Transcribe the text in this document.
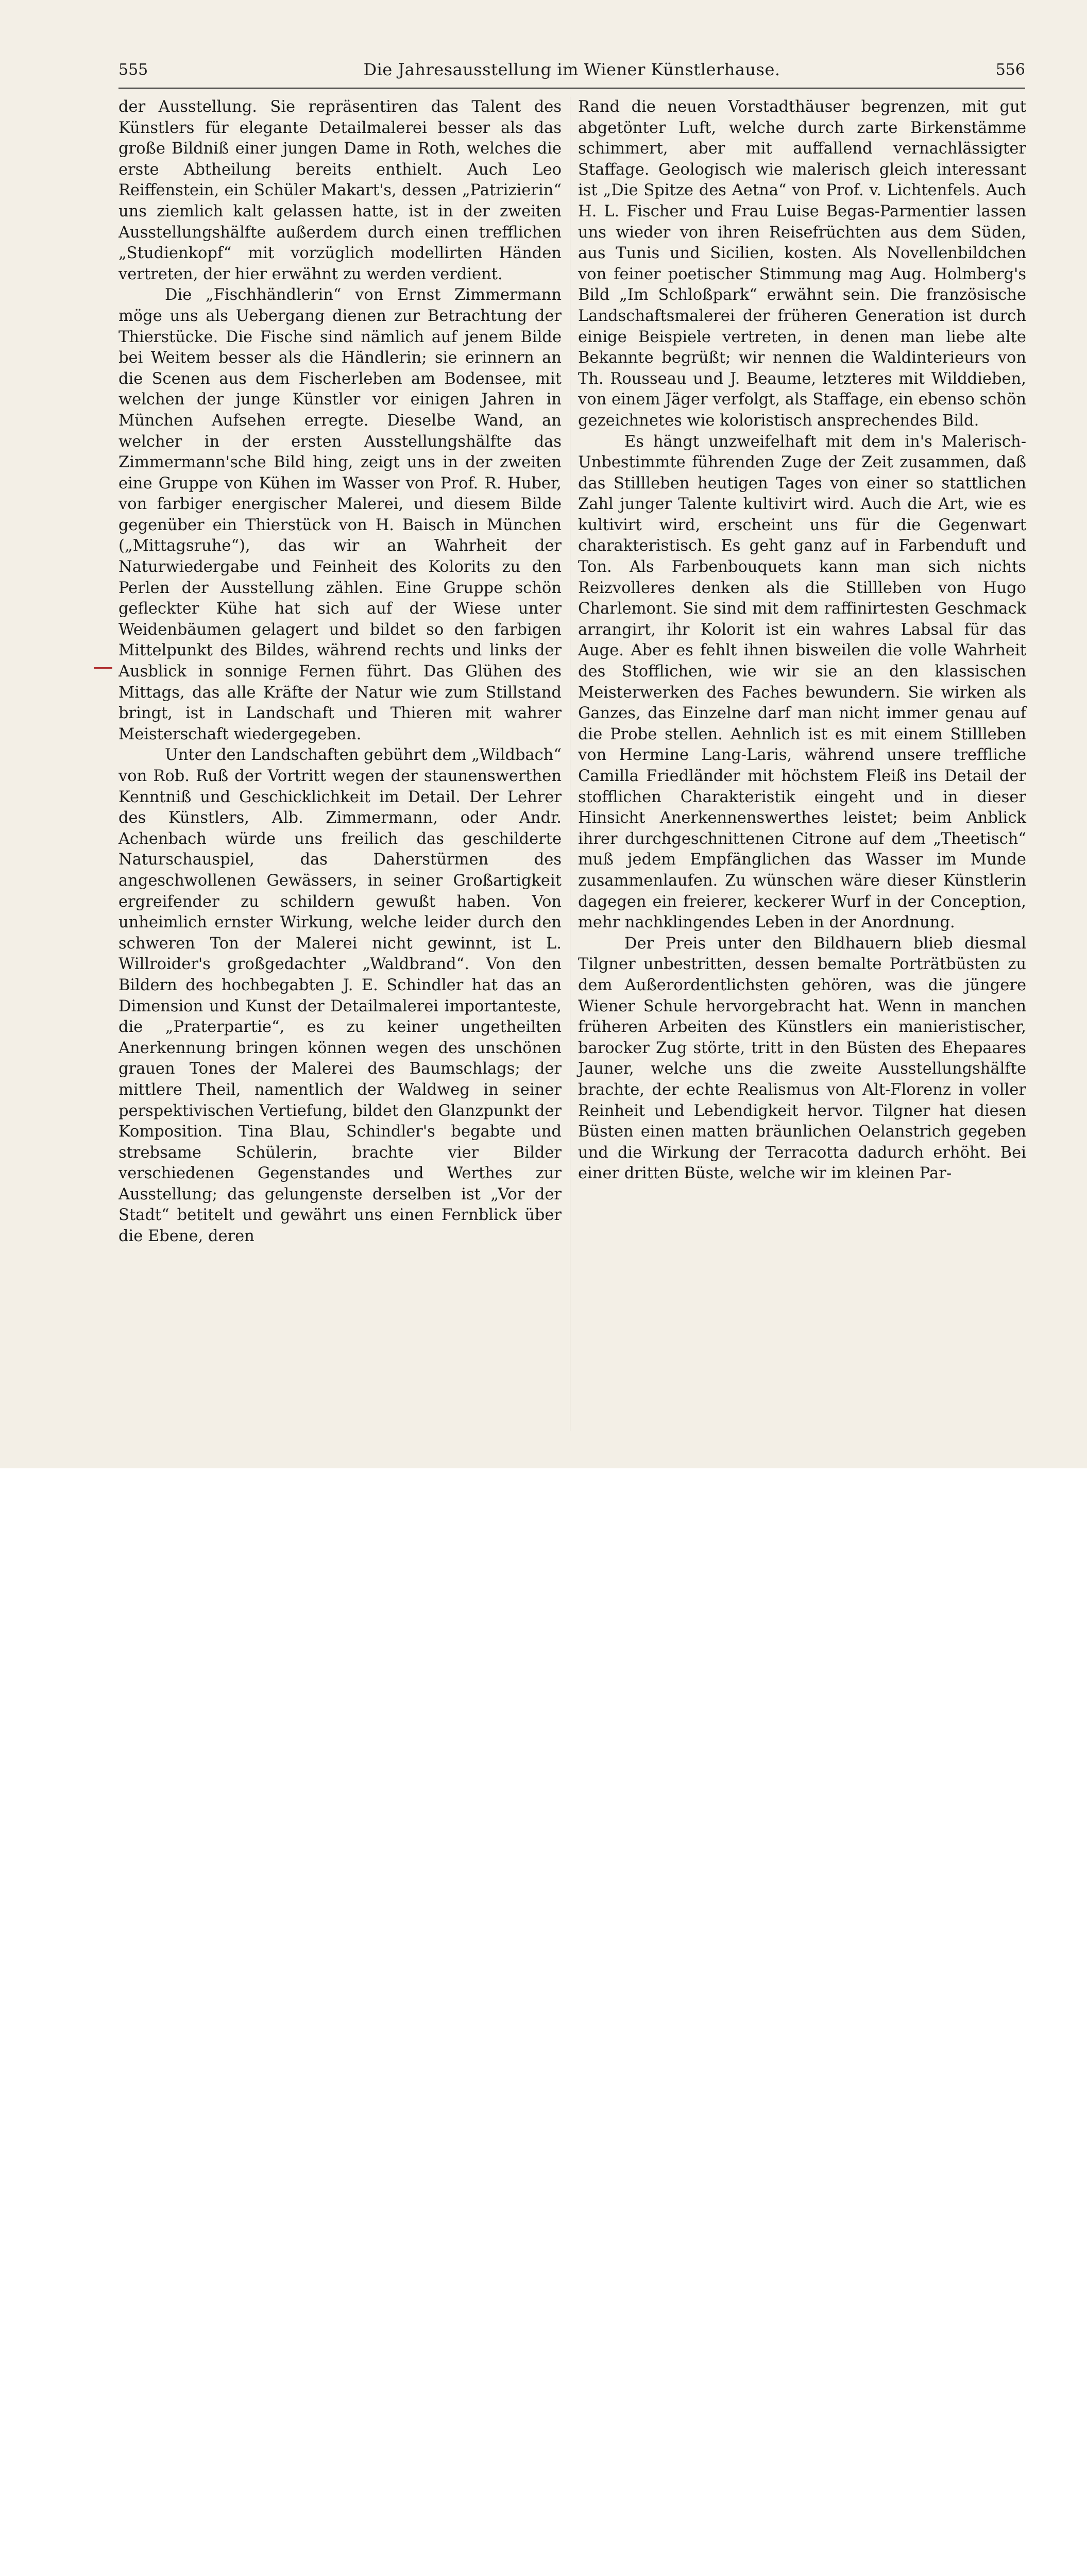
555	Die Jahresausstellung im Wiener Künstlerhause.	556

der Ausstellung. Sie repräsentiren das Talent des Künstlers für elegante Detailmalerei besser als das große Bildniß einer jungen Dame in Roth, welches die erste Abtheilung bereits enthielt. Auch Leo Reiffenstein, ein Schüler Makart's, dessen „Patrizierin“ uns ziemlich kalt gelassen hatte, ist in der zweiten Ausstellungshälfte außerdem durch einen trefflichen „Studienkopf“ mit vorzüglich modellirten Händen vertreten, der hier erwähnt zu werden verdient.

Die „Fischhändlerin“ von Ernst Zimmermann möge uns als Uebergang dienen zur Betrachtung der Thierstücke. Die Fische sind nämlich auf jenem Bilde bei Weitem besser als die Händlerin; sie erinnern an die Scenen aus dem Fischerleben am Bodensee, mit welchen der junge Künstler vor einigen Jahren in München Aufsehen erregte. Dieselbe Wand, an welcher in der ersten Ausstellungshälfte das Zimmermann'sche Bild hing, zeigt uns in der zweiten eine Gruppe von Kühen im Wasser von Prof. R. Huber, von farbiger energischer Malerei, und diesem Bilde gegenüber ein Thierstück von H. Baisch in München („Mittagsruhe“), das wir an Wahrheit der Naturwiedergabe und Feinheit des Kolorits zu den Perlen der Ausstellung zählen. Eine Gruppe schön gefleckter Kühe hat sich auf der Wiese unter Weidenbäumen gelagert und bildet so den farbigen Mittelpunkt des Bildes, während rechts und links der Ausblick in sonnige Fernen führt. Das Glühen des Mittags, das alle Kräfte der Natur wie zum Stillstand bringt, ist in Landschaft und Thieren mit wahrer Meisterschaft wiedergegeben.

Unter den Landschaften gebührt dem „Wildbach“ von Rob. Ruß der Vortritt wegen der staunenswerthen Kenntniß und Geschicklichkeit im Detail. Der Lehrer des Künstlers, Alb. Zimmermann, oder Andr. Achenbach würde uns freilich das geschilderte Naturschauspiel, das Daherstürmen des angeschwollenen Gewässers, in seiner Großartigkeit ergreifender zu schildern gewußt haben. Von unheimlich ernster Wirkung, welche leider durch den schweren Ton der Malerei nicht gewinnt, ist L. Willroider's großgedachter „Waldbrand“. Von den Bildern des hochbegabten J. E. Schindler hat das an Dimension und Kunst der Detailmalerei importanteste, die „Praterpartie“, es zu keiner ungetheilten Anerkennung bringen können wegen des unschönen grauen Tones der Malerei des Baumschlags; der mittlere Theil, namentlich der Waldweg in seiner perspektivischen Vertiefung, bildet den Glanzpunkt der Komposition. Tina Blau, Schindler's begabte und strebsame Schülerin, brachte vier Bilder verschiedenen Gegenstandes und Werthes zur Ausstellung; das gelungenste derselben ist „Vor der Stadt“ betitelt und gewährt uns einen Fernblick über die Ebene, deren

Rand die neuen Vorstadthäuser begrenzen, mit gut abgetönter Luft, welche durch zarte Birkenstämme schimmert, aber mit auffallend vernachlässigter Staffage. Geologisch wie malerisch gleich interessant ist „Die Spitze des Aetna“ von Prof. v. Lichtenfels. Auch H. L. Fischer und Frau Luise Begas-Parmentier lassen uns wieder von ihren Reisefrüchten aus dem Süden, aus Tunis und Sicilien, kosten. Als Novellenbildchen von feiner poetischer Stimmung mag Aug. Holmberg's Bild „Im Schloßpark“ erwähnt sein. Die französische Landschaftsmalerei der früheren Generation ist durch einige Beispiele vertreten, in denen man liebe alte Bekannte begrüßt; wir nennen die Waldinterieurs von Th. Rousseau und J. Beaume, letzteres mit Wilddieben, von einem Jäger verfolgt, als Staffage, ein ebenso schön gezeichnetes wie koloristisch ansprechendes Bild.

Es hängt unzweifelhaft mit dem in's Malerisch-Unbestimmte führenden Zuge der Zeit zusammen, daß das Stillleben heutigen Tages von einer so stattlichen Zahl junger Talente kultivirt wird. Auch die Art, wie es kultivirt wird, erscheint uns für die Gegenwart charakteristisch. Es geht ganz auf in Farbenduft und Ton. Als Farbenbouquets kann man sich nichts Reizvolleres denken als die Stillleben von Hugo Charlemont. Sie sind mit dem raffinirtesten Geschmack arrangirt, ihr Kolorit ist ein wahres Labsal für das Auge. Aber es fehlt ihnen bisweilen die volle Wahrheit des Stofflichen, wie wir sie an den klassischen Meisterwerken des Faches bewundern. Sie wirken als Ganzes, das Einzelne darf man nicht immer genau auf die Probe stellen. Aehnlich ist es mit einem Stillleben von Hermine Lang-Laris, während unsere treffliche Camilla Friedländer mit höchstem Fleiß ins Detail der stofflichen Charakteristik eingeht und in dieser Hinsicht Anerkennenswerthes leistet; beim Anblick ihrer durchgeschnittenen Citrone auf dem „Theetisch“ muß jedem Empfänglichen das Wasser im Munde zusammenlaufen. Zu wünschen wäre dieser Künstlerin dagegen ein freierer, keckerer Wurf in der Conception, mehr nachklingendes Leben in der Anordnung.

Der Preis unter den Bildhauern blieb diesmal Tilgner unbestritten, dessen bemalte Porträtbüsten zu dem Außerordentlichsten gehören, was die jüngere Wiener Schule hervorgebracht hat. Wenn in manchen früheren Arbeiten des Künstlers ein manieristischer, barocker Zug störte, tritt in den Büsten des Ehepaares Jauner, welche uns die zweite Ausstellungshälfte brachte, der echte Realismus von Alt-Florenz in voller Reinheit und Lebendigkeit hervor. Tilgner hat diesen Büsten einen matten bräunlichen Oelanstrich gegeben und die Wirkung der Terracotta dadurch erhöht. Bei einer dritten Büste, welche wir im kleinen Par-
